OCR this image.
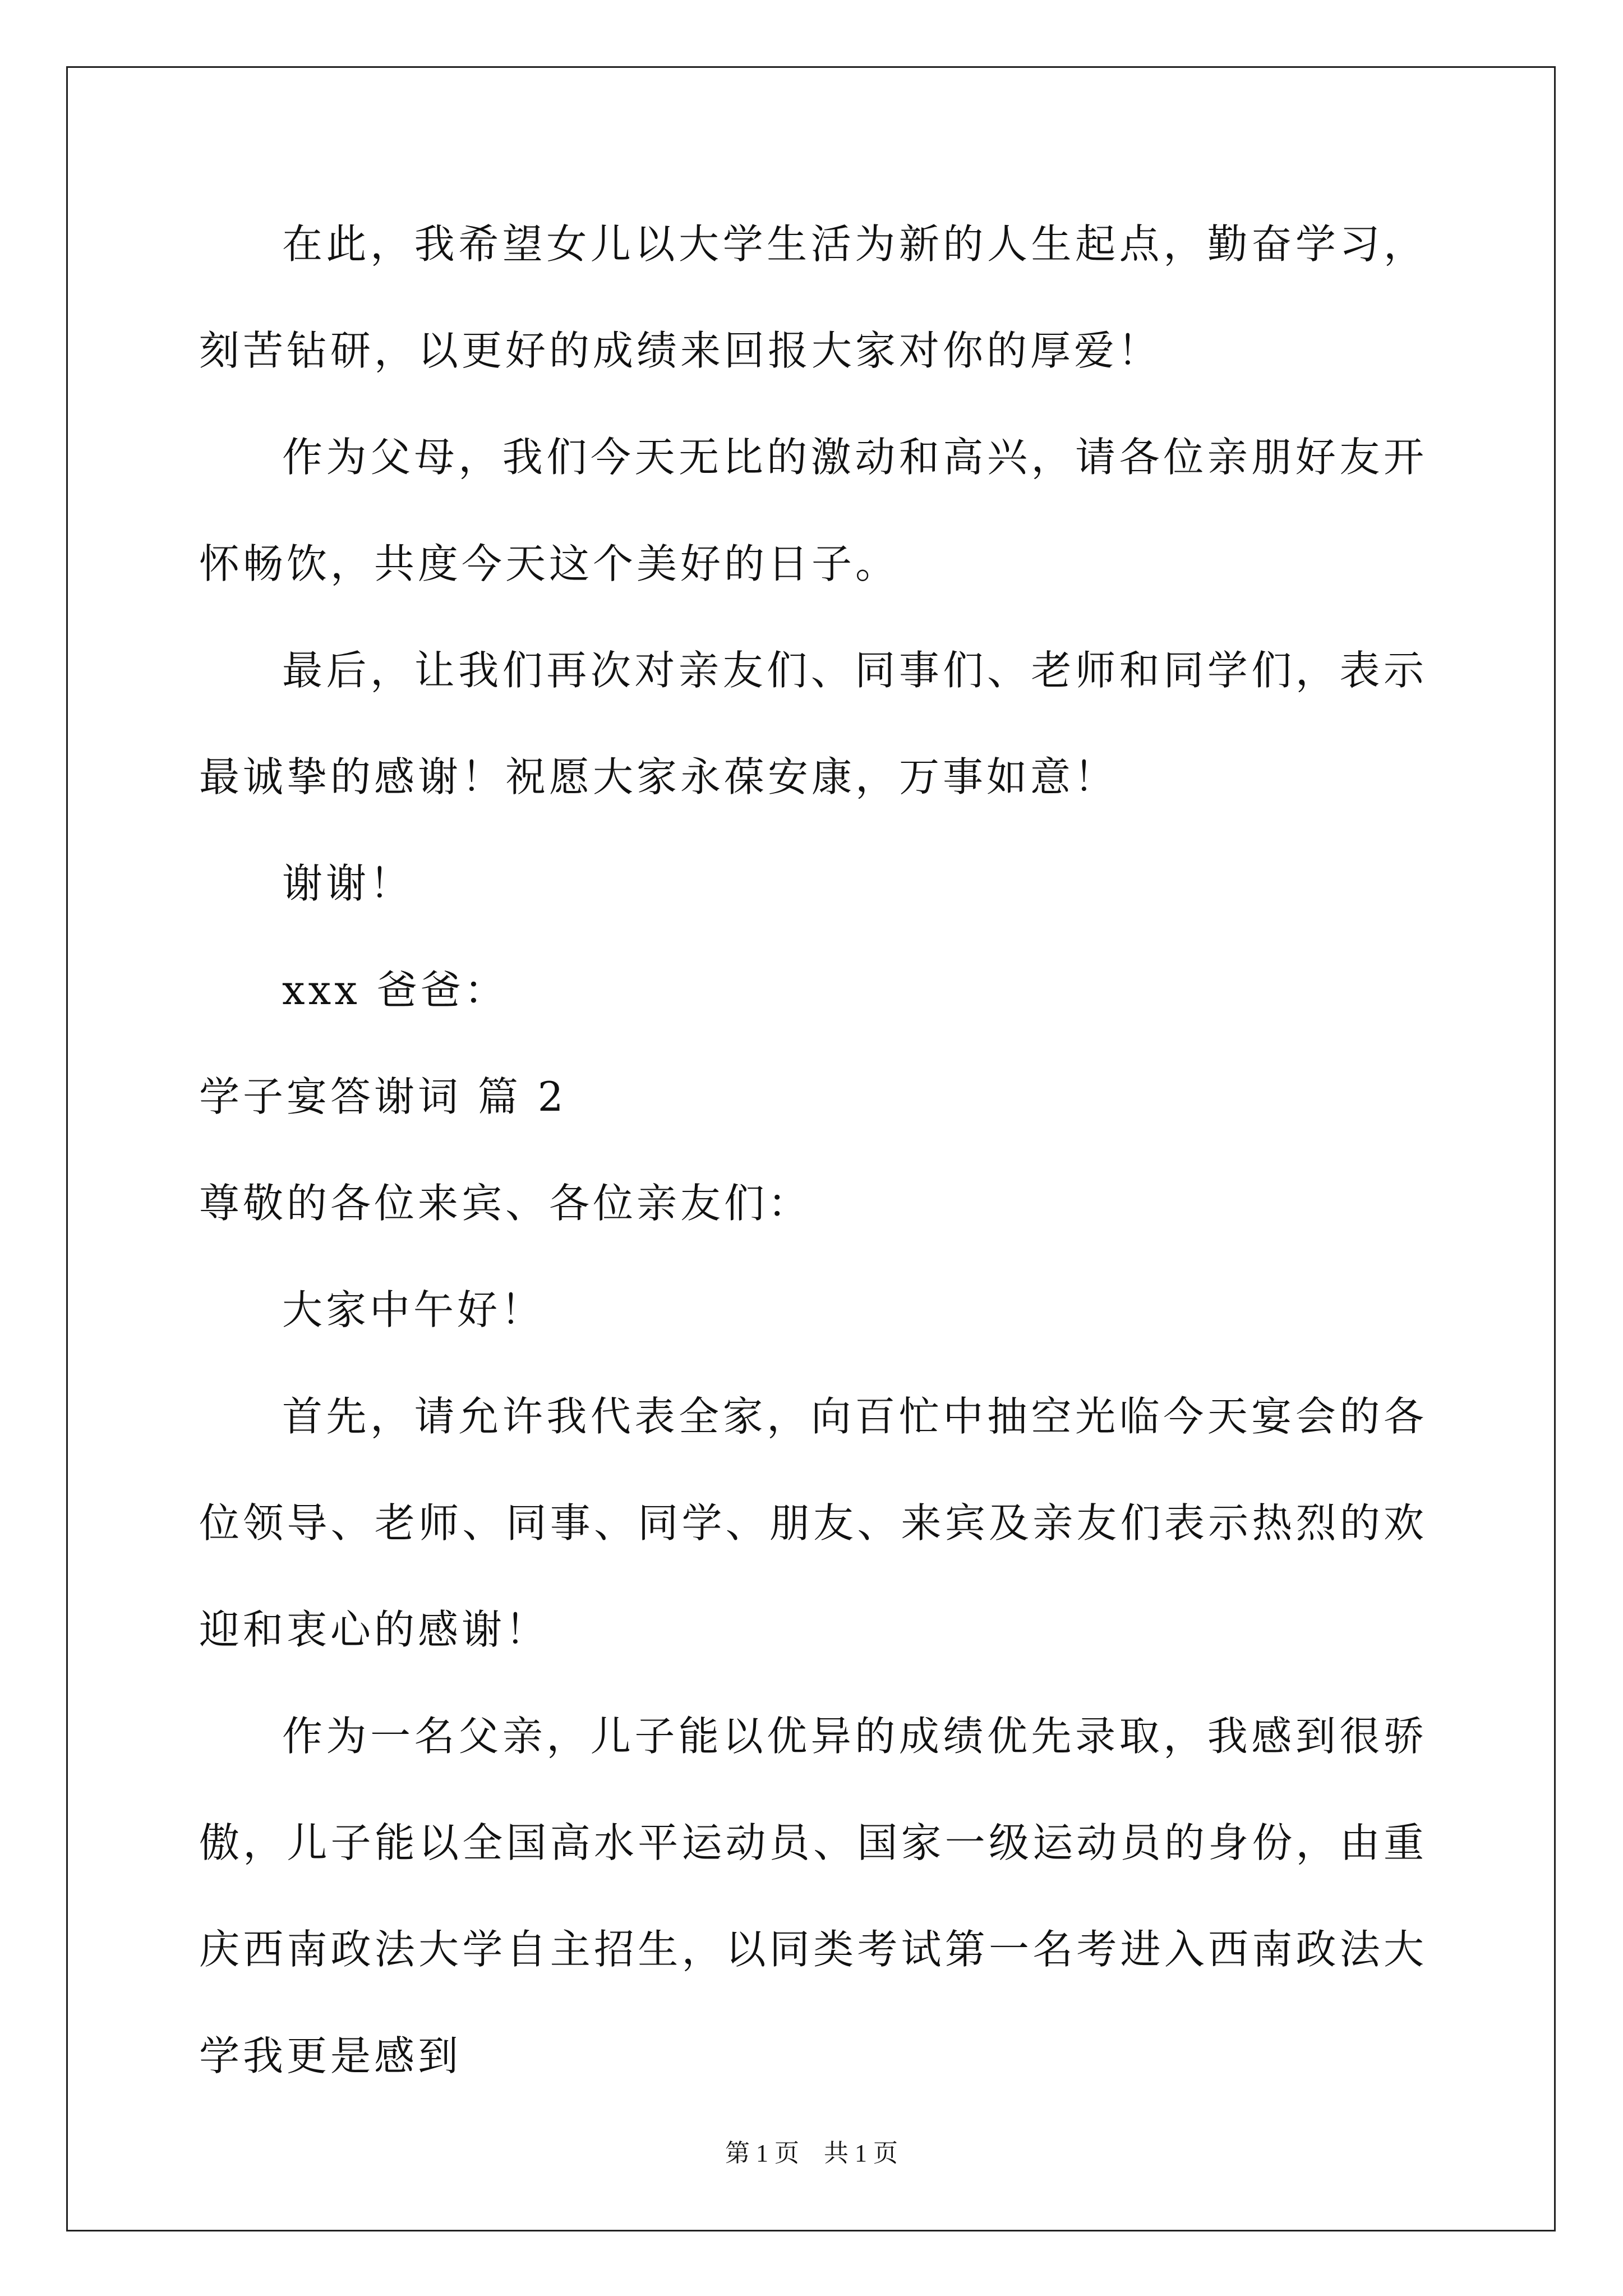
在此，我希望女儿以大学生活为新的人生起点，勤奋学习，刻苦钻研，以更好的成绩来回报大家对你的厚爱！

作为父母，我们今天无比的激动和高兴，请各位亲朋好友开怀畅饮，共度今天这个美好的日子。

最后，让我们再次对亲友们、同事们、老师和同学们，表示最诚挚的感谢！祝愿大家永葆安康，万事如意！

谢谢！

xxx 爸爸：

学子宴答谢词 篇 2

尊敬的各位来宾、各位亲友们：

大家中午好！

首先，请允许我代表全家，向百忙中抽空光临今天宴会的各位领导、老师、同事、同学、朋友、来宾及亲友们表示热烈的欢迎和衷心的感谢！

作为一名父亲，儿子能以优异的成绩优先录取，我感到很骄傲，儿子能以全国高水平运动员、国家一级运动员的身份，由重庆西南政法大学自主招生，以同类考试第一名考进入西南政法大学我更是感到

第 1 页　共 1 页
